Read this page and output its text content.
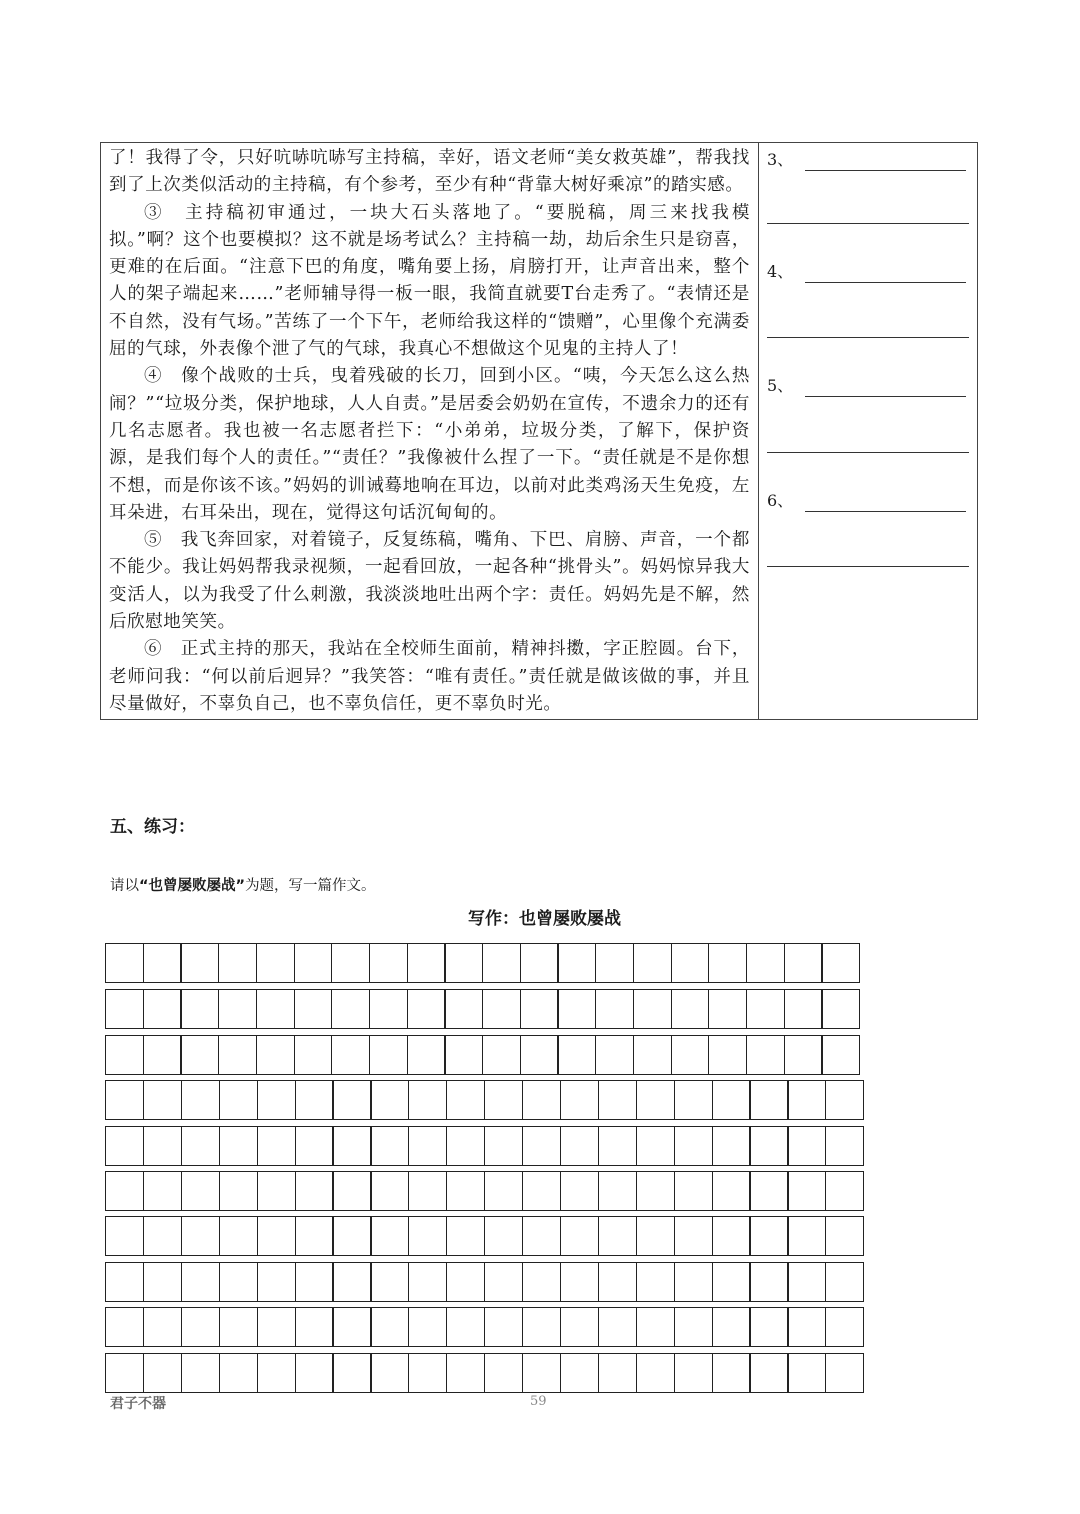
了！我得了令，只好吭哧吭哧写主持稿，幸好，语文老师“美女救英雄”，帮我找到了上次类似活动的主持稿，有个参考，至少有种“背靠大树好乘凉”的踏实感。

③　主持稿初审通过，一块大石头落地了。“要脱稿，周三来找我模拟。”啊？这个也要模拟？这不就是场考试么？主持稿一劫，劫后余生只是窃喜，更难的在后面。“注意下巴的角度，嘴角要上扬，肩膀打开，让声音出来，整个人的架子端起来……”老师辅导得一板一眼，我简直就要T台走秀了。“表情还是不自然，没有气场。”苦练了一个下午，老师给我这样的“馈赠”，心里像个充满委屈的气球，外表像个泄了气的气球，我真心不想做这个见鬼的主持人了！

④　像个战败的士兵，曳着残破的长刀，回到小区。“咦，今天怎么这么热闹？”“垃圾分类，保护地球，人人自责。”是居委会奶奶在宣传，不遗余力的还有几名志愿者。我也被一名志愿者拦下：“小弟弟，垃圾分类，了解下，保护资源，是我们每个人的责任。”“责任？”我像被什么捏了一下。“责任就是不是你想不想，而是你该不该。”妈妈的训诫蓦地响在耳边，以前对此类鸡汤天生免疫，左耳朵进，右耳朵出，现在，觉得这句话沉甸甸的。

⑤　我飞奔回家，对着镜子，反复练稿，嘴角、下巴、肩膀、声音，一个都不能少。我让妈妈帮我录视频，一起看回放，一起各种“挑骨头”。妈妈惊异我大变活人，以为我受了什么刺激，我淡淡地吐出两个字：责任。妈妈先是不解，然后欣慰地笑笑。

⑥　正式主持的那天，我站在全校师生面前，精神抖擞，字正腔圆。台下，老师问我：“何以前后迥异？”我笑答：“唯有责任。”责任就是做该做的事，并且尽量做好，不辜负自己，也不辜负信任，更不辜负时光。

3、
4、
5、
6、
五、练习：
请以“也曾屡败屡战”为题，写一篇作文。
写作：也曾屡败屡战
君子不器	59
